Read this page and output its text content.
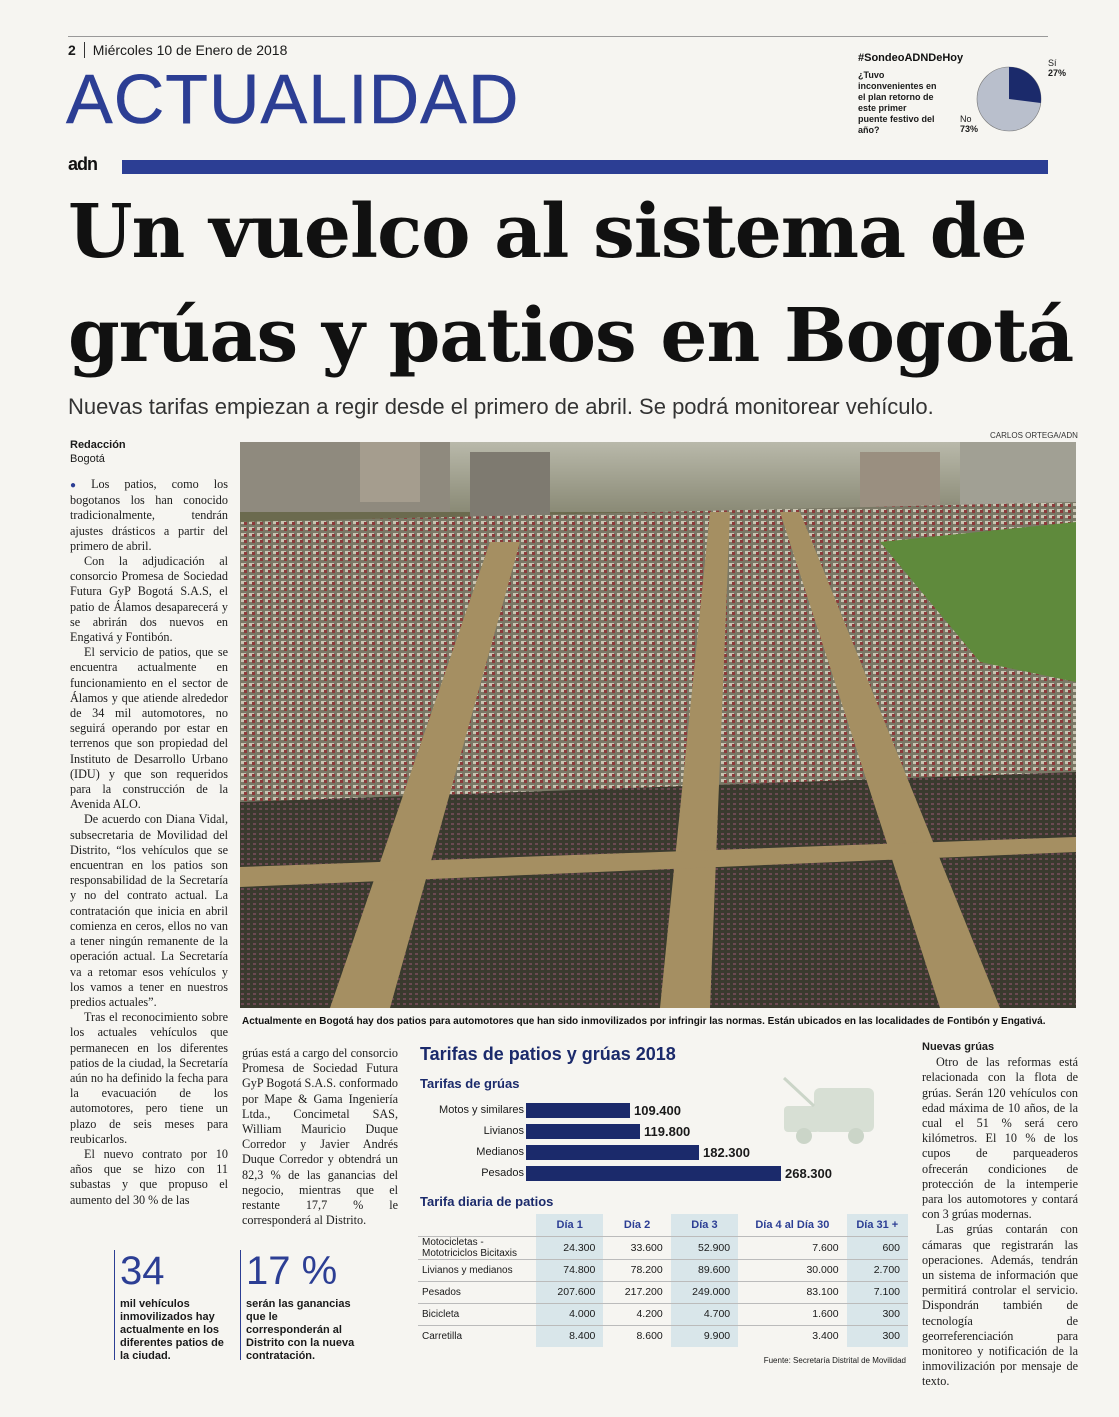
2 Miércoles 10 de Enero de 2018
ACTUALIDAD
#SondeoADNDeHoy
¿Tuvo inconvenientes en el plan retorno de este primer puente festivo del año?
Sí
27%
No
73%
adn
Un vuelco al sistema de grúas y patios en Bogotá
Nuevas tarifas empiezan a regir desde el primero de abril. Se podrá monitorear vehículo.
Redacción
Bogotá

● Los patios, como los bogotanos los han conocido tradicionalmente, tendrán ajustes drásticos a partir del primero de abril.

Con la adjudicación al consorcio Promesa de Sociedad Futura GyP Bogotá S.A.S, el patio de Álamos desaparecerá y se abrirán dos nuevos en Engativá y Fontibón.

El servicio de patios, que se encuentra actualmente en funcionamiento en el sector de Álamos y que atiende alrededor de 34 mil automotores, no seguirá operando por estar en terrenos que son propiedad del Instituto de Desarrollo Urbano (IDU) y que son requeridos para la construcción de la Avenida ALO.

De acuerdo con Diana Vidal, subsecretaria de Movilidad del Distrito, “los vehículos que se encuentran en los patios son responsabilidad de la Secretaría y no del contrato actual. La contratación que inicia en abril comienza en ceros, ellos no van a tener ningún remanente de la operación actual. La Secretaría va a retomar esos vehículos y los vamos a tener en nuestros predios actuales”.

Tras el reconocimiento sobre los actuales vehículos que permanecen en los diferentes patios de la ciudad, la Secretaría aún no ha definido la fecha para la evacuación de los automotores, pero tiene un plazo de seis meses para reubicarlos.

El nuevo contrato por 10 años que se hizo con 11 subastas y que propuso el aumento del 30 % de las

CARLOS ORTEGA/ADN
Actualmente en Bogotá hay dos patios para automotores que han sido inmovilizados por infringir las normas. Están ubicados en las localidades de Fontibón y Engativá.

grúas está a cargo del consorcio Promesa de Sociedad Futura GyP Bogotá S.A.S. conformado por Mape & Gama Ingeniería Ltda., Concimetal SAS, William Mauricio Duque Corredor y Javier Andrés Duque Corredor y obtendrá un 82,3 % de las ganancias del negocio, mientras que el restante 17,7 % le corresponderá al Distrito.

34
mil vehículos inmovilizados hay actualmente en los diferentes patios de la ciudad.
17 %
serán las ganancias que le corresponderán al Distrito con la nueva contratación.
Tarifas de patios y grúas 2018
Tarifas de grúas
Motos y similares	109.400
Livianos	119.800
Medianos	182.300
Pesados	268.300
Tarifa diaria de patios
	Día 1	Día 2	Día 3	Día 4 al Día 30	Día 31 +
Motocicletas - Mototriciclos Bicitaxis	24.300	33.600	52.900	7.600	600
Livianos y medianos	74.800	78.200	89.600	30.000	2.700
Pesados	207.600	217.200	249.000	83.100	7.100
Bicicleta	4.000	4.200	4.700	1.600	300
Carretilla	8.400	8.600	9.900	3.400	300
Fuente: Secretaría Distrital de Movilidad

Nuevas grúas

Otro de las reformas está relacionada con la flota de grúas. Serán 120 vehículos con edad máxima de 10 años, de la cual el 51 % será cero kilómetros. El 10 % de los cupos de parqueaderos ofrecerán condiciones de protección de la intemperie para los automotores y contará con 3 grúas modernas.

Las grúas contarán con cámaras que registrarán las operaciones. Además, tendrán un sistema de información que permitirá controlar el servicio. Dispondrán también de tecnología de georreferenciación para monitoreo y notificación de la inmovilización por mensaje de texto.
